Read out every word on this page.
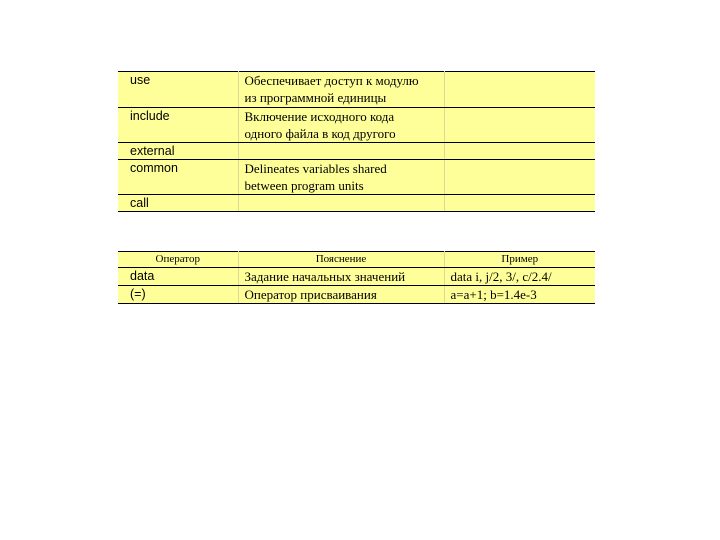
use	Обеспечивает доступ к модулю
из программной единицы	

include	Включение исходного кода
одного файла в код другого	

external		
common	Delineates variables shared
between program units	

call		
Оператор	Пояснение	Пример
data	Задание начальных значений	data i, j/2, 3/, c/2.4/
(=)	Оператор присваивания	a=a+1; b=1.4e-3
